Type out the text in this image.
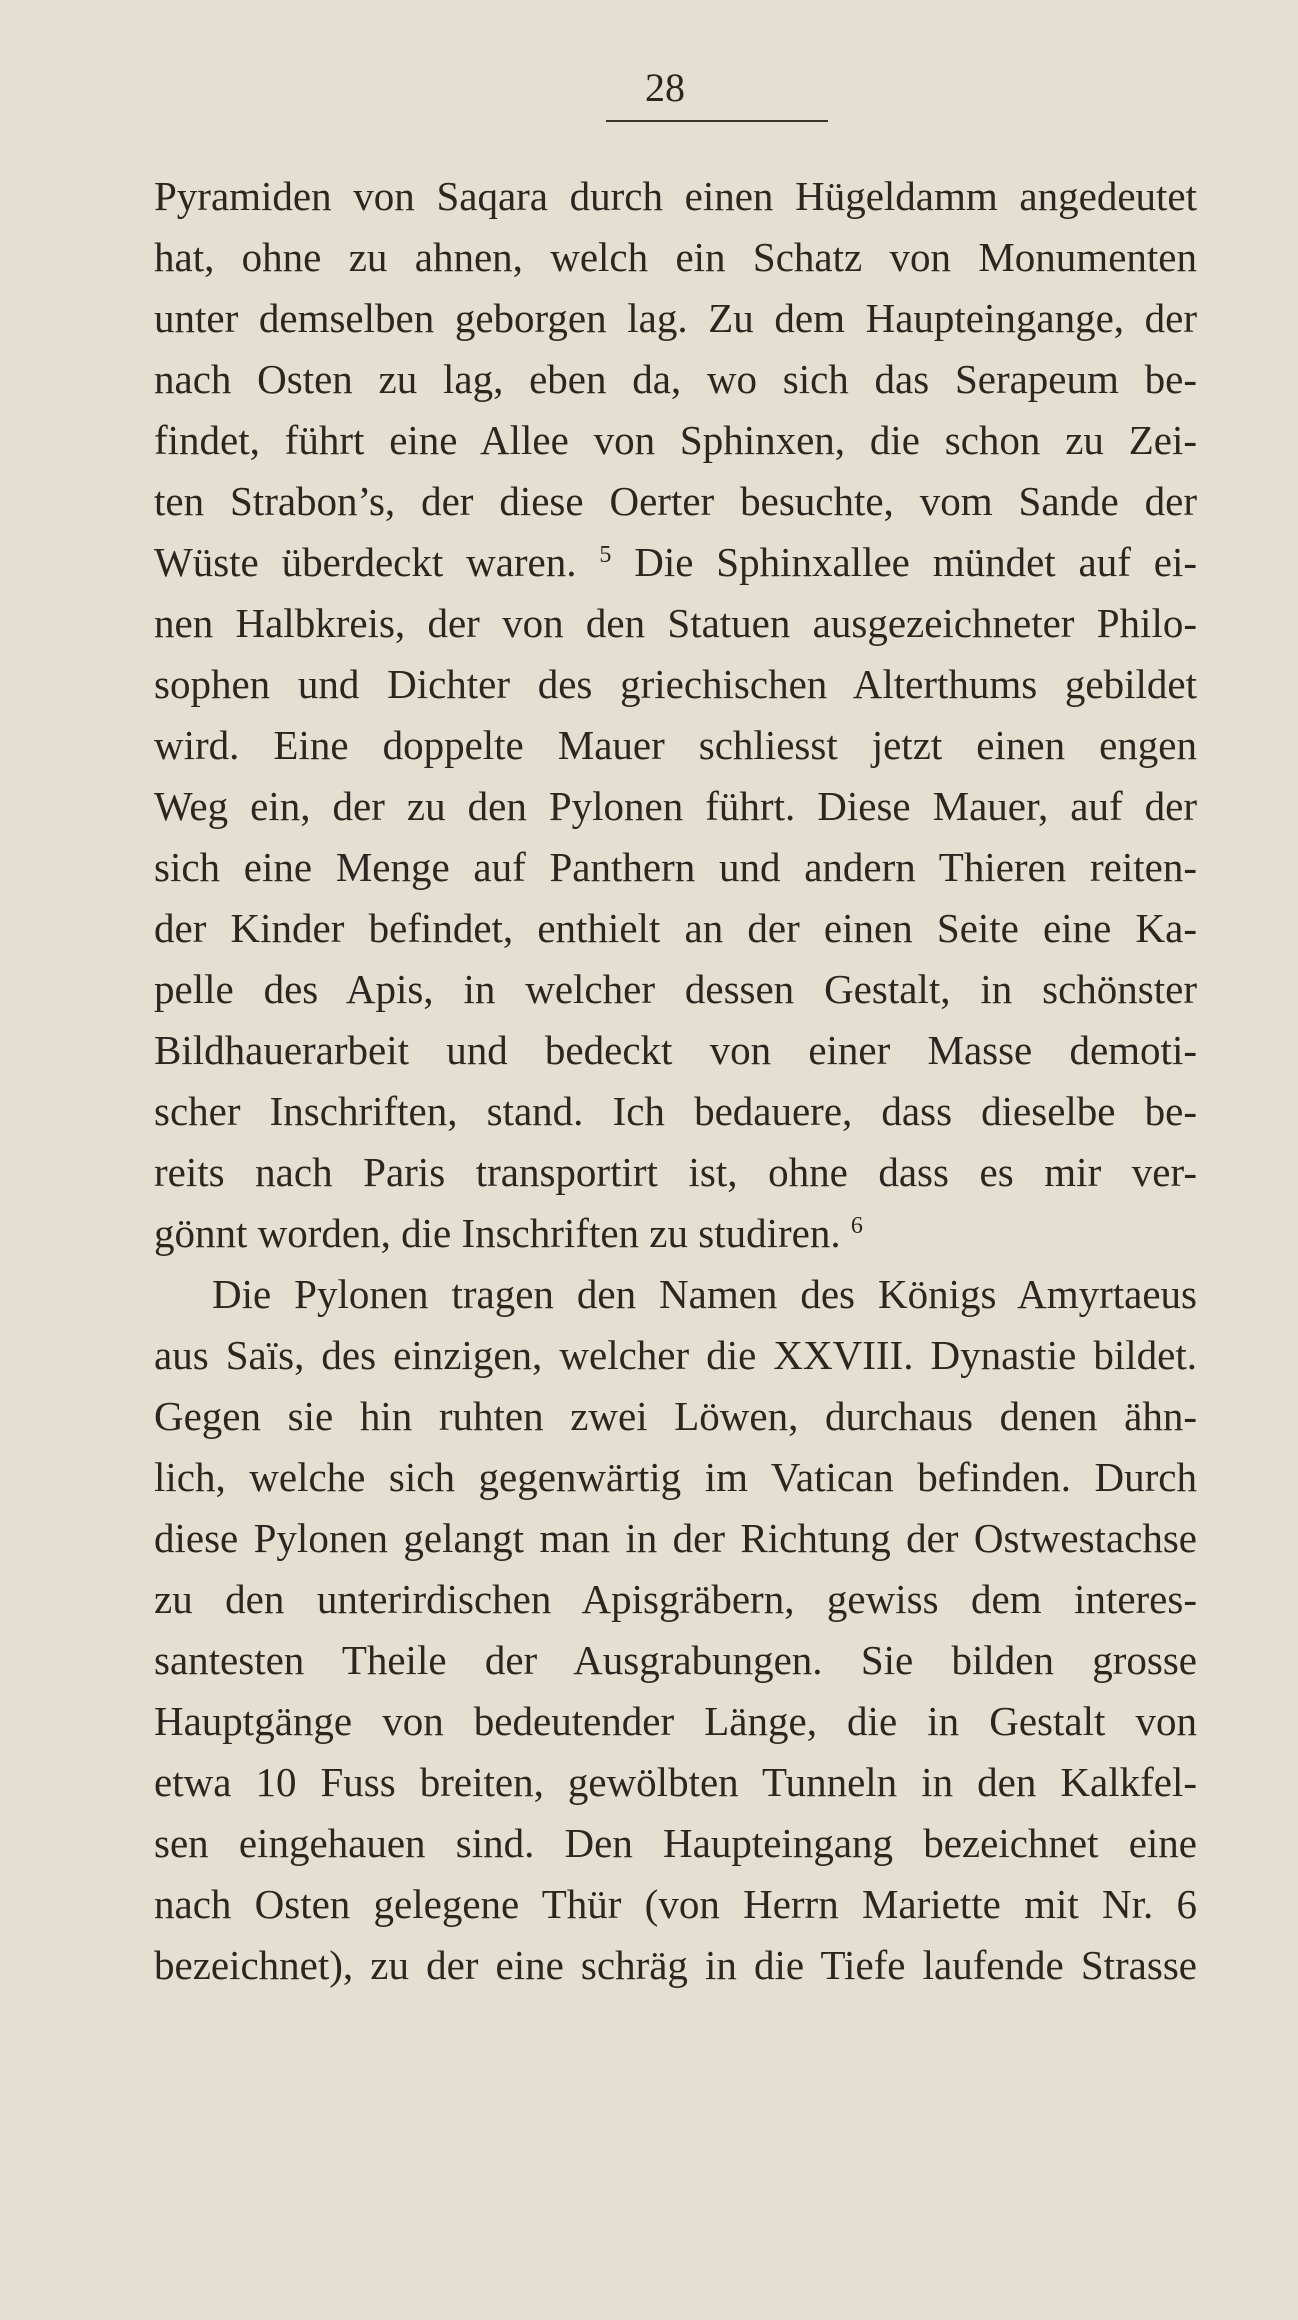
28
Pyramiden von Saqara durch einen Hügeldamm angedeutet
hat, ohne zu ahnen, welch ein Schatz von Monumenten
unter demselben geborgen lag. Zu dem Haupteingange, der
nach Osten zu lag, eben da, wo sich das Serapeum be-
findet, führt eine Allee von Sphinxen, die schon zu Zei-
ten Strabon’s, der diese Oerter besuchte, vom Sande der
Wüste überdeckt waren. $^5$ Die Sphinxallee mündet auf ei-
nen Halbkreis, der von den Statuen ausgezeichneter Philo-
sophen und Dichter des griechischen Alterthums gebildet
wird. Eine doppelte Mauer schliesst jetzt einen engen
Weg ein, der zu den Pylonen führt. Diese Mauer, auf der
sich eine Menge auf Panthern und andern Thieren reiten-
der Kinder befindet, enthielt an der einen Seite eine Ka-
pelle des Apis, in welcher dessen Gestalt, in schönster
Bildhauerarbeit und bedeckt von einer Masse demoti-
scher Inschriften, stand. Ich bedauere, dass dieselbe be-
reits nach Paris transportirt ist, ohne dass es mir ver-
gönnt worden, die Inschriften zu studiren. $^6$
Die Pylonen tragen den Namen des Königs Amyrtaeus
aus Saïs, des einzigen, welcher die XXVIII. Dynastie bildet.
Gegen sie hin ruhten zwei Löwen, durchaus denen ähn-
lich, welche sich gegenwärtig im Vatican befinden. Durch
diese Pylonen gelangt man in der Richtung der Ostwestachse
zu den unterirdischen Apisgräbern, gewiss dem interes-
santesten Theile der Ausgrabungen. Sie bilden grosse
Hauptgänge von bedeutender Länge, die in Gestalt von
etwa 10 Fuss breiten, gewölbten Tunneln in den Kalkfel-
sen eingehauen sind. Den Haupteingang bezeichnet eine
nach Osten gelegene Thür (von Herrn Mariette mit Nr. 6
bezeichnet), zu der eine schräg in die Tiefe laufende Strasse
